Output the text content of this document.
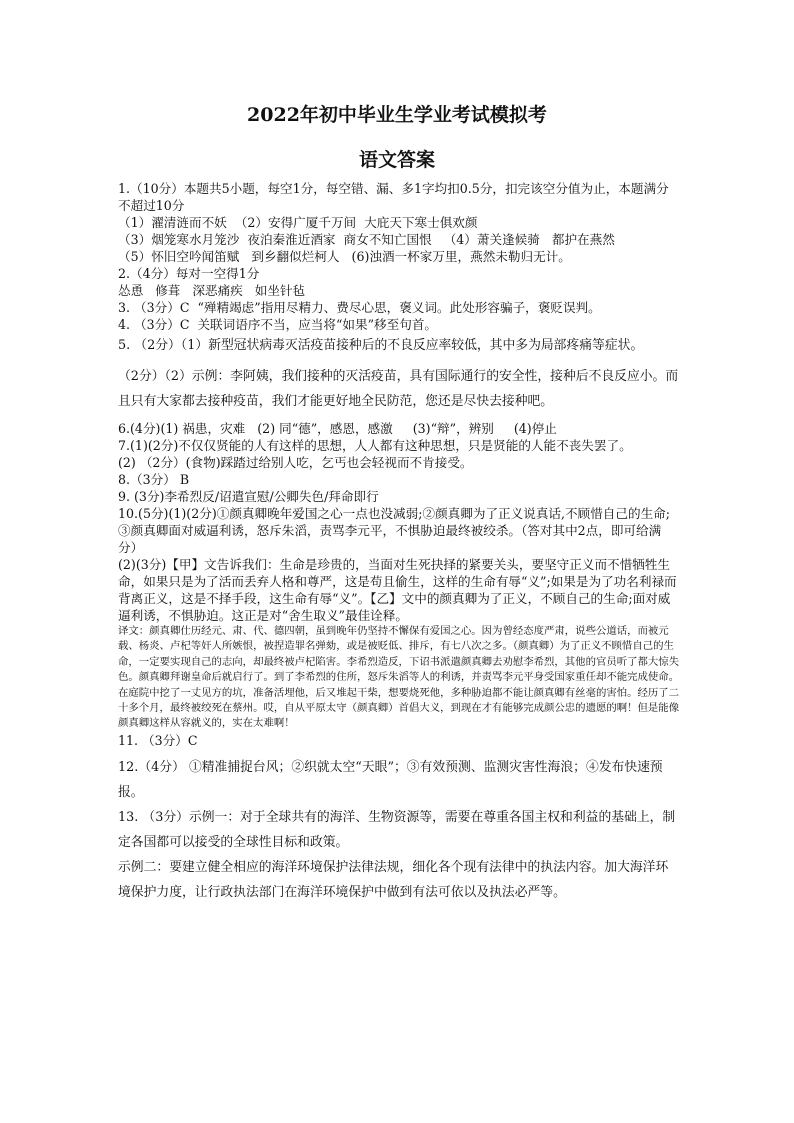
2022年初中毕业生学业考试模拟考
语文答案

1.（10分）本题共5小题，每空1分，每空错、漏、多1字均扣0.5分，扣完该空分值为止，本题满分不超过10分

（1）濯清涟而不妖  （2）安得广厦千万间  大庇天下寒士俱欢颜

（3）烟笼寒水月笼沙  夜泊秦淮近酒家  商女不知亡国恨   （4）萧关逢候骑   都护在燕然

（5）怀旧空吟闻笛赋   到乡翻似烂柯人   (6)浊酒一杯家万里，燕然未勒归无计。

2.（4分）每对一空得1分

怂恿   修葺   深恶痛疾   如坐针毡

3. （3分）C  “殚精竭虑”指用尽精力、费尽心思，褒义词。此处形容骗子，褒贬误判。

4. （3分）C  关联词语序不当，应当将“如果”移至句首。

5. （2分）（1）新型冠状病毒灭活疫苗接种后的不良反应率较低，其中多为局部疼痛等症状。

（2分）（2）示例：李阿姨，我们接种的灭活疫苗，具有国际通行的安全性，接种后不良反应小。而且只有大家都去接种疫苗，我们才能更好地全民防范，您还是尽快去接种吧。

6.(4分)(1) 祸患，灾难   (2) 同“德”，感恩，感激     (3)“辩”，辨别     (4)停止

7.(1)(2分)不仅仅贤能的人有这样的思想，人人都有这种思想，只是贤能的人能不丧失罢了。

(2) （2分）(食物)踩踏过给别人吃，乞丐也会轻视而不肯接受。

8.（3分） B

9. (3分)李希烈反/诏遣宣慰/公卿失色/拜命即行

10.(5分)(1)(2分)①颜真卿晚年爱国之心一点也没减弱;②颜真卿为了正义说真话,不顾惜自己的生命;③颜真卿面对威逼利诱，怒斥朱滔，责骂李元平，不惧胁迫最终被绞杀。（答对其中2点，即可给满分）

(2)(3分)【甲】文告诉我们：生命是珍贵的，当面对生死抉择的紧要关头，要坚守正义而不惜牺牲生命，如果只是为了活而丢弃人格和尊严，这是苟且偷生，这样的生命有辱“义”;如果是为了功名利禄而背离正义，这是不择手段，这生命有辱“义”。【乙】文中的颜真卿为了正义，不顾自己的生命;面对威逼利诱，不惧胁迫。这正是对“舍生取义”最佳诠释。

译文：颜真卿仕历经元、肃、代、德四朝，虽到晚年仍坚持不懈保有爱国之心。因为曾经态度严肃，说些公道话，而被元载、杨炎、卢杞等奸人所嫉恨，被捏造罪名弹劾，或是被贬低、排斥，有七八次之多。（颜真卿）为了正义不顾惜自己的生命，一定要实现自己的志向，却最终被卢杞陷害。李希烈造反，下诏书派遣颜真卿去劝慰李希烈，其他的官员听了都大惊失色。颜真卿拜谢皇命后就启行了。到了李希烈的住所，怒斥朱滔等人的利诱，并责骂李元平身受国家重任却不能完成使命。在庭院中挖了一丈见方的坑，准备活埋他，后又堆起干柴，想要烧死他，多种胁迫都不能让颜真卿有丝毫的害怕。经历了二十多个月，最终被绞死在蔡州。哎，自从平原太守（颜真卿）首倡大义，到现在才有能够完成颜公忠的遗愿的啊！但是能像颜真卿这样从容就义的，实在太难啊！

11. （3分）C

12.（4分） ①精准捕捉台风；②织就太空“天眼”；③有效预测、监测灾害性海浪；④发布快速预报。

13. （3分）示例一：对于全球共有的海洋、生物资源等，需要在尊重各国主权和利益的基础上，制定各国都可以接受的全球性目标和政策。

示例二：要建立健全相应的海洋环境保护法律法规，细化各个现有法律中的执法内容。加大海洋环境保护力度，让行政执法部门在海洋环境保护中做到有法可依以及执法必严等。
